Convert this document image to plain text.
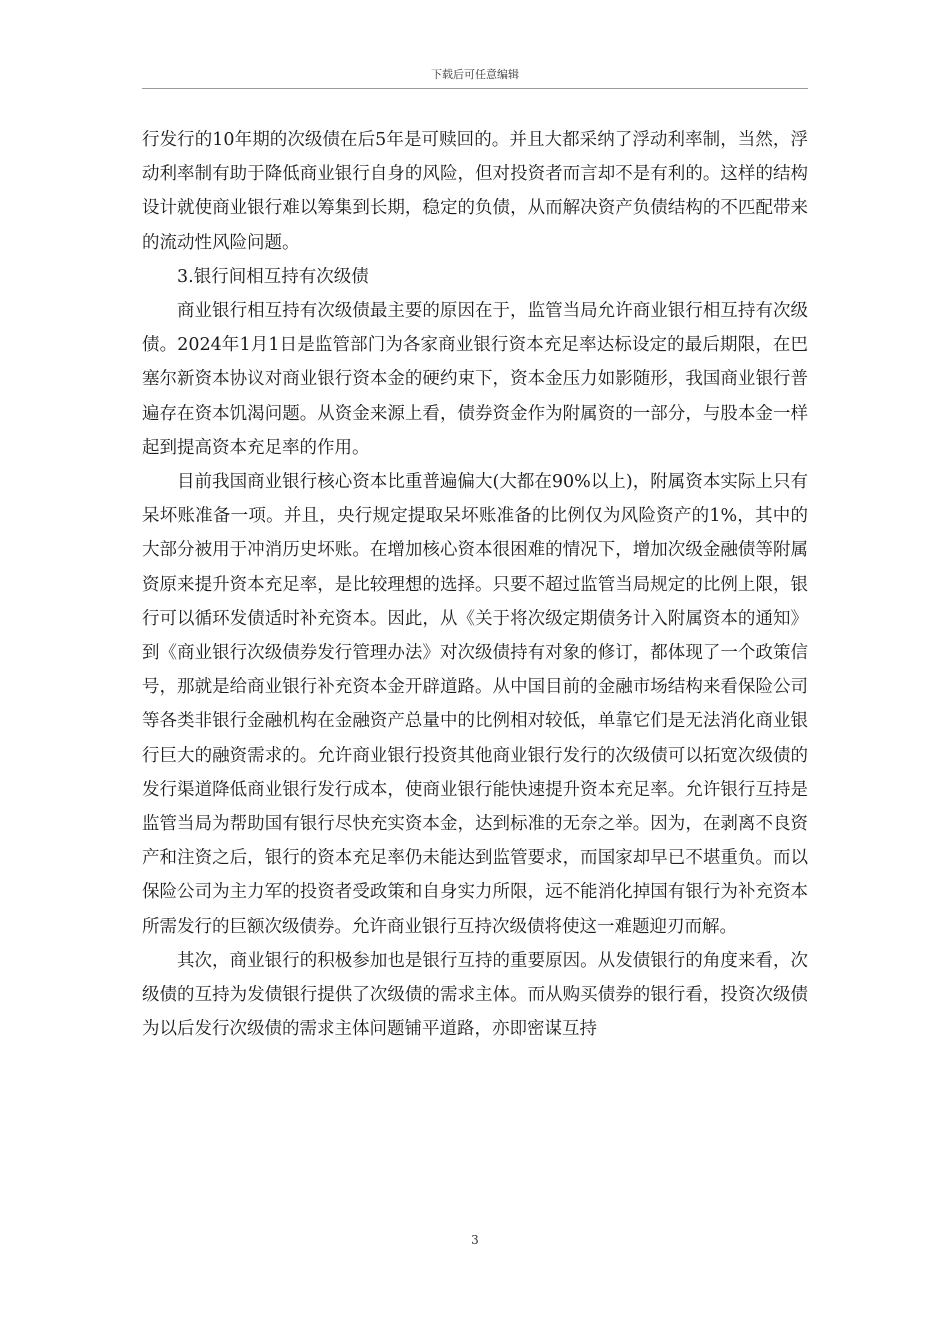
下载后可任意编辑

行发行的10年期的次级债在后5年是可赎回的。并且大都采纳了浮动利率制，当然，浮动利率制有助于降低商业银行自身的风险，但对投资者而言却不是有利的。这样的结构设计就使商业银行难以筹集到长期，稳定的负债，从而解决资产负债结构的不匹配带来的流动性风险问题。

3.银行间相互持有次级债

商业银行相互持有次级债最主要的原因在于，监管当局允许商业银行相互持有次级债。2024年1月1日是监管部门为各家商业银行资本充足率达标设定的最后期限，在巴塞尔新资本协议对商业银行资本金的硬约束下，资本金压力如影随形，我国商业银行普遍存在资本饥渴问题。从资金来源上看，债券资金作为附属资的一部分，与股本金一样起到提高资本充足率的作用。

目前我国商业银行核心资本比重普遍偏大(大都在90%以上)，附属资本实际上只有呆坏账准备一项。并且，央行规定提取呆坏账准备的比例仅为风险资产的1%，其中的大部分被用于冲消历史坏账。在增加核心资本很困难的情况下，增加次级金融债等附属资原来提升资本充足率，是比较理想的选择。只要不超过监管当局规定的比例上限，银行可以循环发债适时补充资本。因此，从《关于将次级定期债务计入附属资本的通知》到《商业银行次级债券发行管理办法》对次级债持有对象的修订，都体现了一个政策信号，那就是给商业银行补充资本金开辟道路。从中国目前的金融市场结构来看保险公司等各类非银行金融机构在金融资产总量中的比例相对较低，单靠它们是无法消化商业银行巨大的融资需求的。允许商业银行投资其他商业银行发行的次级债可以拓宽次级债的发行渠道降低商业银行发行成本，使商业银行能快速提升资本充足率。允许银行互持是监管当局为帮助国有银行尽快充实资本金，达到标准的无奈之举。因为，在剥离不良资产和注资之后，银行的资本充足率仍未能达到监管要求，而国家却早已不堪重负。而以保险公司为主力军的投资者受政策和自身实力所限，远不能消化掉国有银行为补充资本所需发行的巨额次级债券。允许商业银行互持次级债将使这一难题迎刃而解。

其次，商业银行的积极参加也是银行互持的重要原因。从发债银行的角度来看，次级债的互持为发债银行提供了次级债的需求主体。而从购买债券的银行看，投资次级债为以后发行次级债的需求主体问题铺平道路，亦即密谋互持

3
